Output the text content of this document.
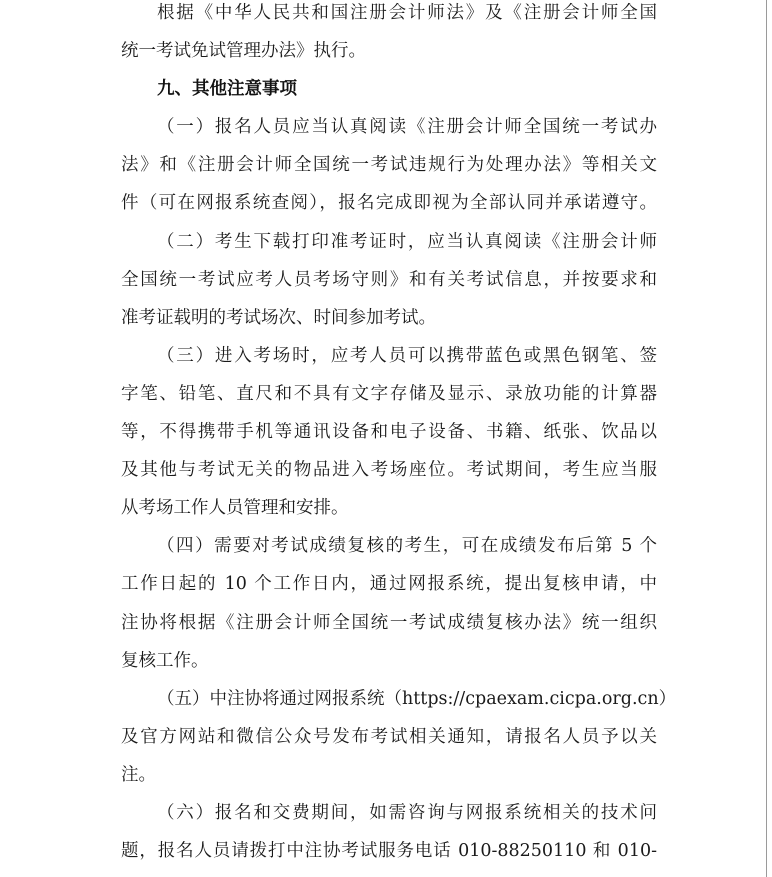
根据《中华人民共和国注册会计师法》及《注册会计师全国
统一考试免试管理办法》执行。
九、其他注意事项
（一）报名人员应当认真阅读《注册会计师全国统一考试办
法》和《注册会计师全国统一考试违规行为处理办法》等相关文
件（可在网报系统查阅），报名完成即视为全部认同并承诺遵守。
（二）考生下载打印准考证时，应当认真阅读《注册会计师
全国统一考试应考人员考场守则》和有关考试信息，并按要求和
准考证载明的考试场次、时间参加考试。
（三）进入考场时，应考人员可以携带蓝色或黑色钢笔、签
字笔、铅笔、直尺和不具有文字存储及显示、录放功能的计算器
等，不得携带手机等通讯设备和电子设备、书籍、纸张、饮品以
及其他与考试无关的物品进入考场座位。考试期间，考生应当服
从考场工作人员管理和安排。
（四）需要对考试成绩复核的考生，可在成绩发布后第 5 个
工作日起的 10 个工作日内，通过网报系统，提出复核申请，中
注协将根据《注册会计师全国统一考试成绩复核办法》统一组织
复核工作。
（五）中注协将通过网报系统（https://cpaexam.cicpa.org.cn）
及官方网站和微信公众号发布考试相关通知，请报名人员予以关
注。
（六）报名和交费期间，如需咨询与网报系统相关的技术问
题，报名人员请拨打中注协考试服务电话 010-88250110 和 010-
